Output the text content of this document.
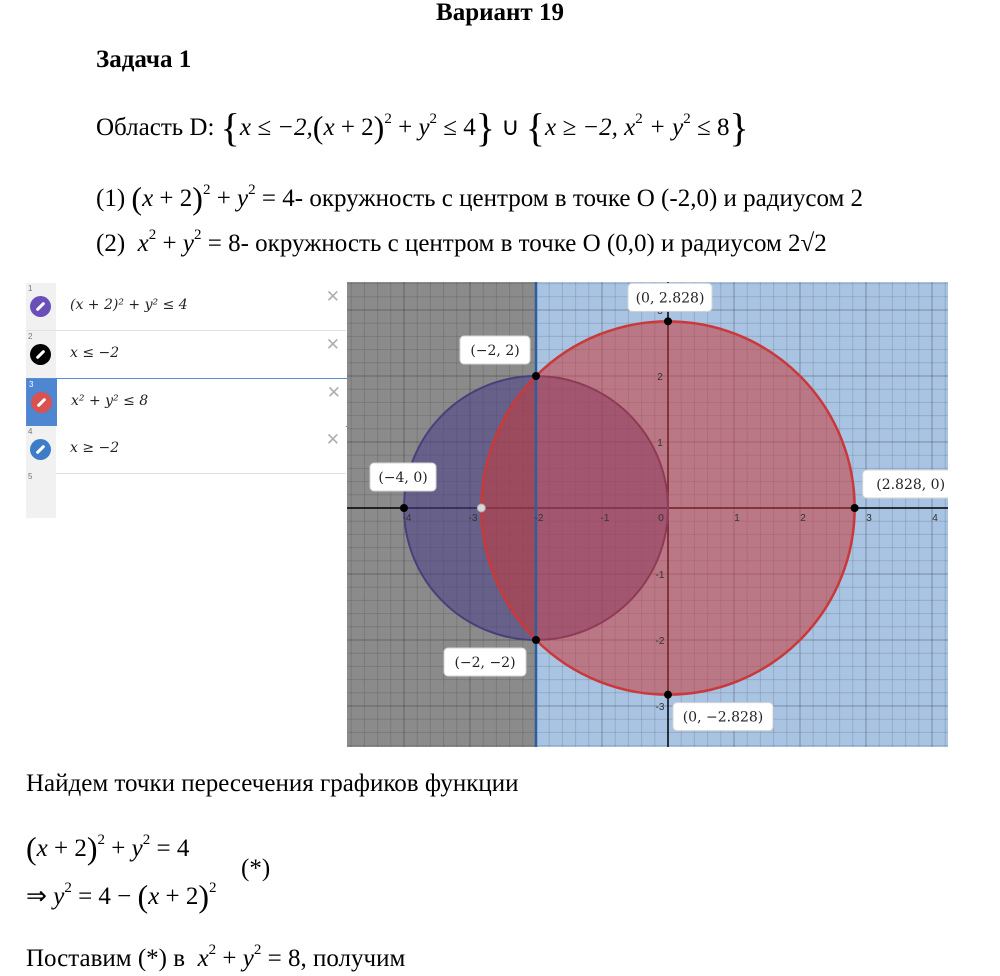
Вариант 19
Задача 1
Область D: $\{x \le -2,(x + 2)^2 + y^2 \le 4\}$ ∪ {x ≥ −2, $x^2 + y^2 \le 8$}
(1) $(x + 2)^2 + y^2 = 4-$ окружность с центром в точке О (-2,0) и радиусом 2
(2) $x^2 + y^2 = 8-$ окружность с центром в точке О (0,0) и радиусом 2√2
1
(x + 2)² + y² ≤ 4	✕
2
x ≤ −2	✕
3
x² + y² ≤ 8	✕
4
x ≥ −2	✕
5
-4	-3	-2	-1	1	2	3	4
0
2
1
-1
-2
-3
(0, 2.828)
(−2, 2)
(−4, 0)	(2.828, 0)
(−2, −2)
(0, −2.828)
Найдем точки пересечения графиков функции
$(x + 2)^2 + y^2 = 4$
⇒ $y^2 = 4 - (x + 2)^2$
(*)
Поставим (*) в $x^2 + y^2 = 8$, получим
